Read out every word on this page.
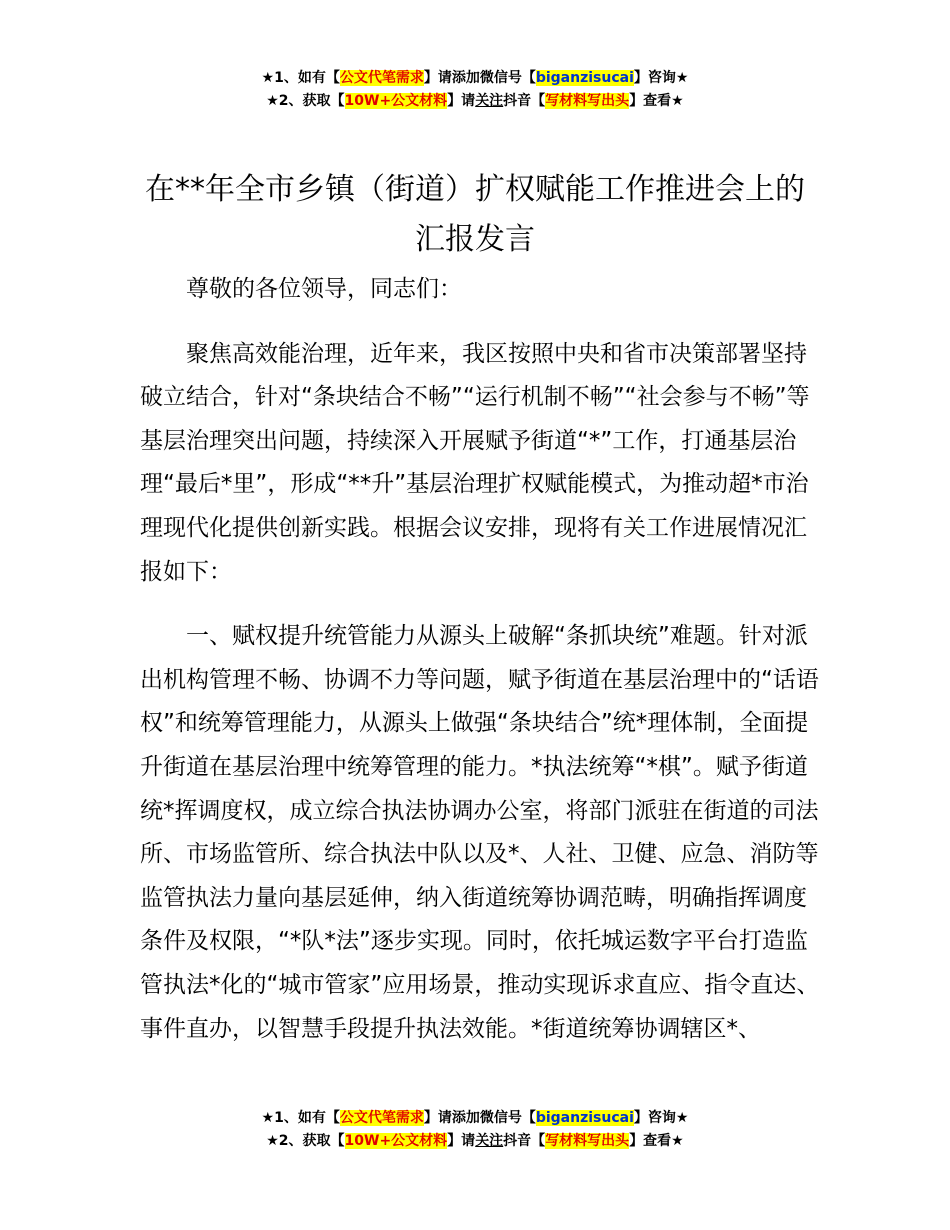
★1、如有【公文代笔需求】请添加微信号【biganzisucai】咨询★
★2、获取【10W+公文材料】请关注抖音【写材料写出头】查看★
在**年全市乡镇（街道）扩权赋能工作推进会上的汇报发言

尊敬的各位领导，同志们：

聚焦高效能治理，近年来，我区按照中央和省市决策部署坚持破立结合，针对“条块结合不畅”“运行机制不畅”“社会参与不畅”等基层治理突出问题，持续深入开展赋予街道“*”工作，打通基层治理“最后*里”，形成“**升”基层治理扩权赋能模式，为推动超*市治理现代化提供创新实践。根据会议安排，现将有关工作进展情况汇报如下：

一、赋权提升统管能力从源头上破解“条抓块统”难题。针对派出机构管理不畅、协调不力等问题，赋予街道在基层治理中的“话语权”和统筹管理能力，从源头上做强“条块结合”统*理体制，全面提升街道在基层治理中统筹管理的能力。*执法统筹“*棋”。赋予街道统*挥调度权，成立综合执法协调办公室，将部门派驻在街道的司法所、市场监管所、综合执法中队以及*、人社、卫健、应急、消防等监管执法力量向基层延伸，纳入街道统筹协调范畴，明确指挥调度条件及权限，“*队*法”逐步实现。同时，依托城运数字平台打造监管执法*化的“城市管家”应用场景，推动实现诉求直应、指令直达、事件直办，以智慧手段提升执法效能。*街道统筹协调辖区*、

★1、如有【公文代笔需求】请添加微信号【biganzisucai】咨询★
★2、获取【10W+公文材料】请关注抖音【写材料写出头】查看★
